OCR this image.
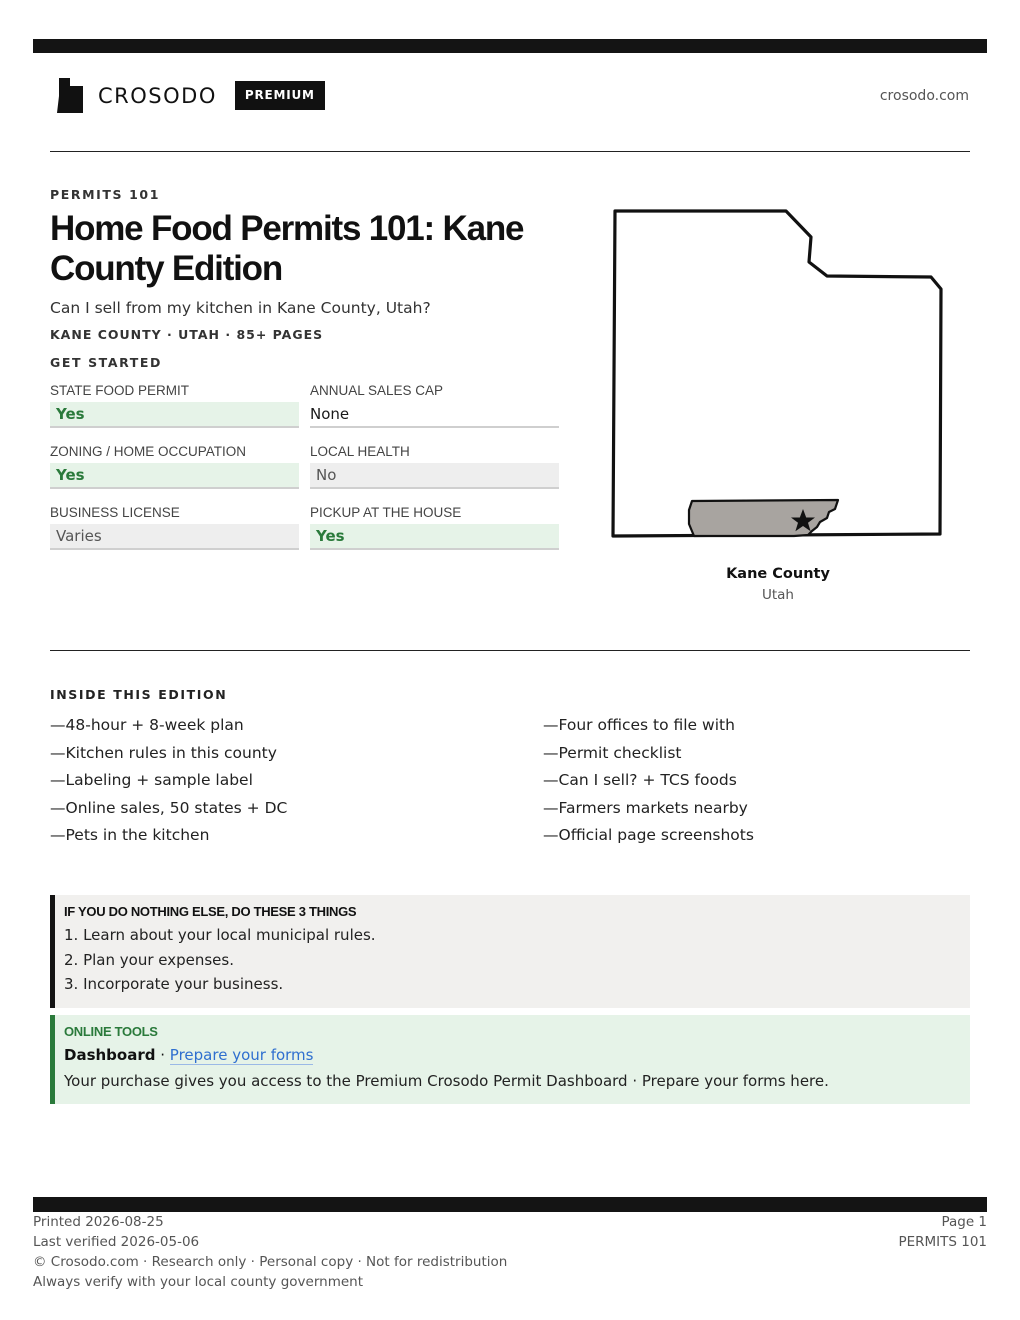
CROSODO	PREMIUM	crosodo.com
PERMITS 101
Home Food Permits 101: Kane County Edition
Can I sell from my kitchen in Kane County, Utah?
KANE COUNTY · UTAH · 85+ PAGES
GET STARTED
STATE FOOD PERMIT
Yes
ANNUAL SALES CAP
None
ZONING / HOME OCCUPATION
Yes
LOCAL HEALTH
No
BUSINESS LICENSE
Varies
PICKUP AT THE HOUSE
Yes
Kane County
Utah
INSIDE THIS EDITION
—48-hour + 8-week plan
—Kitchen rules in this county
—Labeling + sample label
—Online sales, 50 states + DC
—Pets in the kitchen
—Four offices to file with
—Permit checklist
—Can I sell? + TCS foods
—Farmers markets nearby
—Official page screenshots
IF YOU DO NOTHING ELSE, DO THESE 3 THINGS
1. Learn about your local municipal rules.
2. Plan your expenses.
3. Incorporate your business.
ONLINE TOOLS
Dashboard · Prepare your forms
Your purchase gives you access to the Premium Crosodo Permit Dashboard · Prepare your forms here.
Printed 2026-08-25
Last verified 2026-05-06
© Crosodo.com · Research only · Personal copy · Not for redistribution
Always verify with your local county government
Page 1
PERMITS 101
